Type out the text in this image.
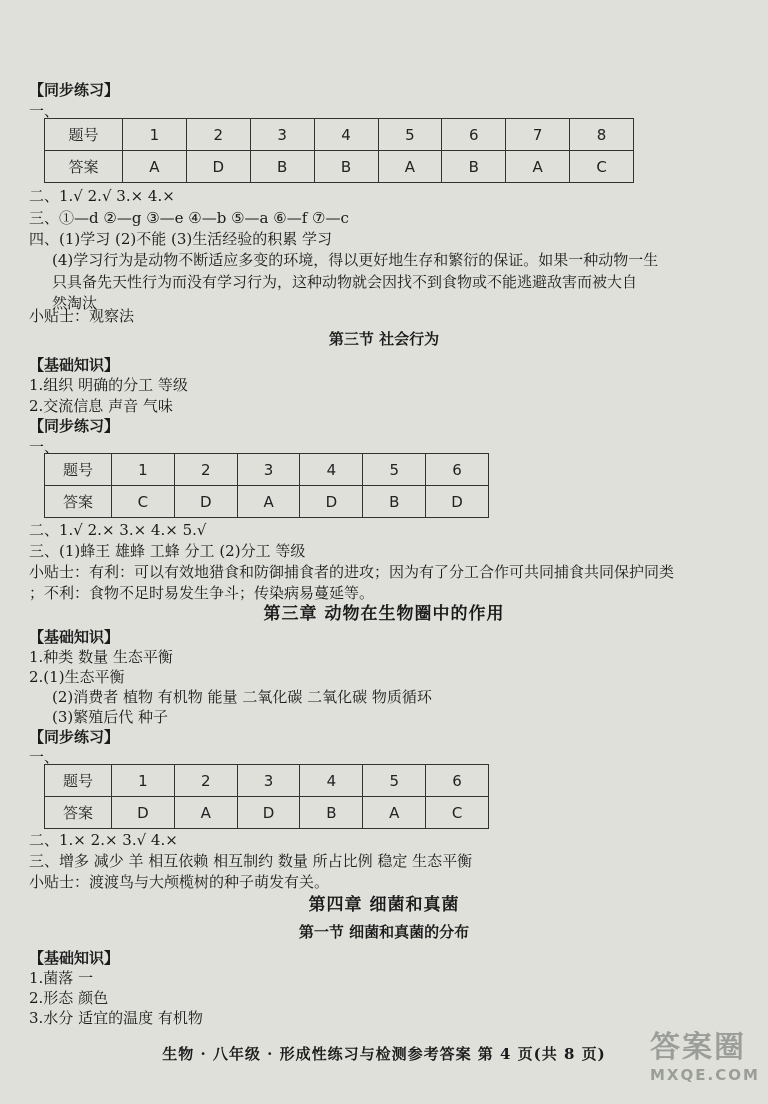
【同步练习】
一、
题号	1	2	3	4	5	6	7	8
答案	A	D	B	B	A	B	A	C
二、1.√ 2.√ 3.× 4.×
三、①—d ②—g ③—e ④—b ⑤—a ⑥—f ⑦—c
四、(1)学习 (2)不能 (3)生活经验的积累 学习
(4)学习行为是动物不断适应多变的环境，得以更好地生存和繁衍的保证。如果一种动物一生
只具备先天性行为而没有学习行为，这种动物就会因找不到食物或不能逃避敌害而被大自
然淘汰
小贴士：观察法
第三节 社会行为
【基础知识】
1.组织 明确的分工 等级
2.交流信息 声音 气味
【同步练习】
一、
题号	1	2	3	4	5	6
答案	C	D	A	D	B	D
二、1.√ 2.× 3.× 4.× 5.√
三、(1)蜂王 雄蜂 工蜂 分工 (2)分工 等级
小贴士：有利：可以有效地猎食和防御捕食者的进攻；因为有了分工合作可共同捕食共同保护同类
；不利：食物不足时易发生争斗；传染病易蔓延等。
第三章 动物在生物圈中的作用
【基础知识】
1.种类 数量 生态平衡
2.(1)生态平衡
(2)消费者 植物 有机物 能量 二氧化碳 二氧化碳 物质循环
(3)繁殖后代 种子
【同步练习】
一、
题号	1	2	3	4	5	6
答案	D	A	D	B	A	C
二、1.× 2.× 3.√ 4.×
三、增多 减少 羊 相互依赖 相互制约 数量 所占比例 稳定 生态平衡
小贴士：渡渡鸟与大颅榄树的种子萌发有关。
第四章 细菌和真菌
第一节 细菌和真菌的分布
【基础知识】
1.菌落 一
2.形态 颜色
3.水分 适宜的温度 有机物
生物 · 八年级 · 形成性练习与检测参考答案 第 4 页(共 8 页)	答案圈
MXQE.COM
